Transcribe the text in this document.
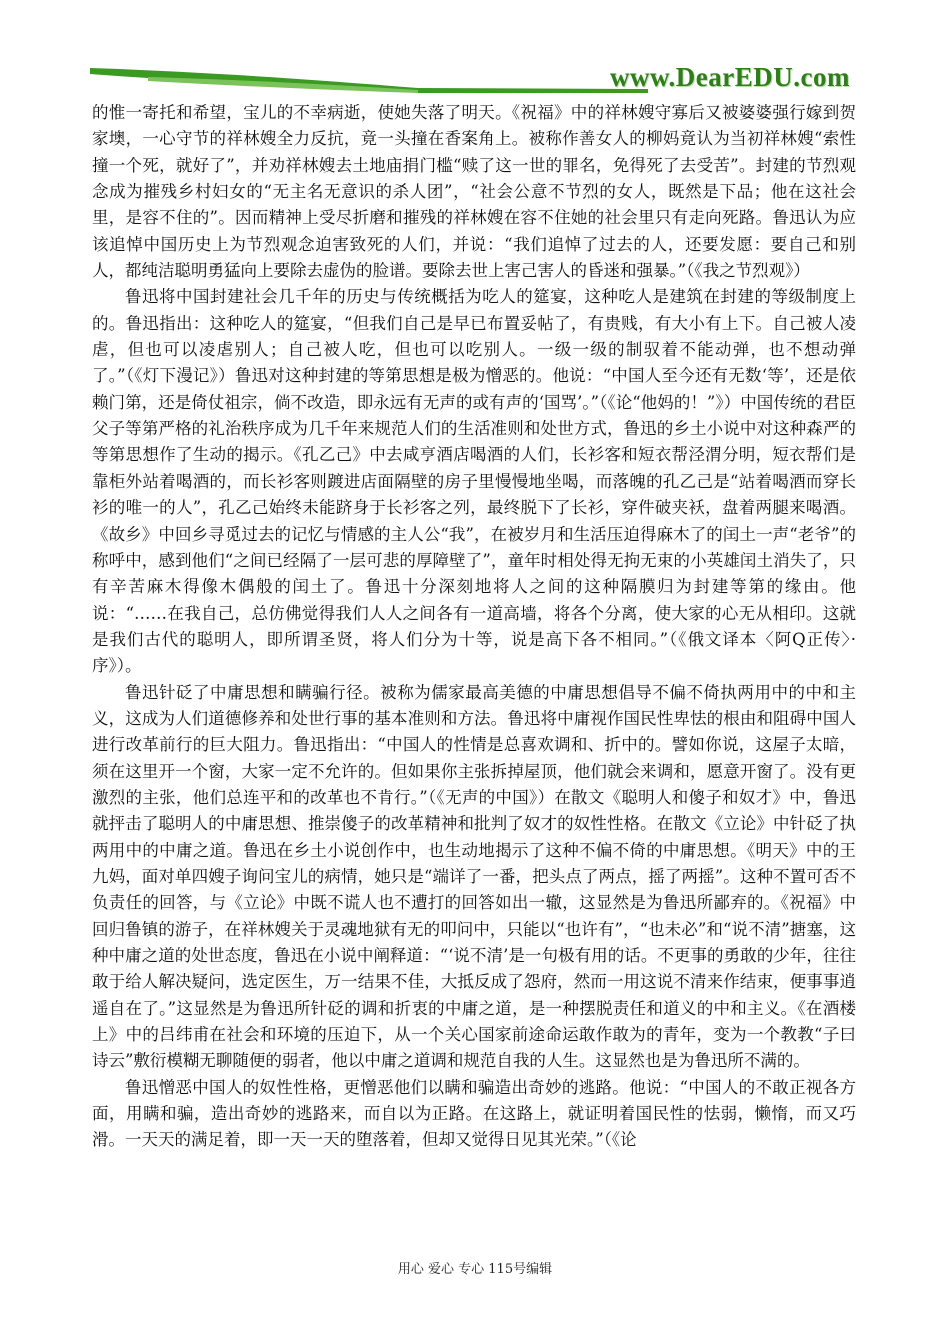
www.DearEDU.com

的惟一寄托和希望，宝儿的不幸病逝，使她失落了明天。《祝福》中的祥林嫂守寡后又被婆婆强行嫁到贺家墺，一心守节的祥林嫂全力反抗，竟一头撞在香案角上。被称作善女人的柳妈竟认为当初祥林嫂“索性撞一个死，就好了”，并劝祥林嫂去土地庙捐门槛“赎了这一世的罪名，免得死了去受苦”。封建的节烈观念成为摧残乡村妇女的“无主名无意识的杀人团”，“社会公意不节烈的女人，既然是下品；他在这社会里，是容不住的”。因而精神上受尽折磨和摧残的祥林嫂在容不住她的社会里只有走向死路。鲁迅认为应该追悼中国历史上为节烈观念迫害致死的人们，并说：“我们追悼了过去的人，还要发愿：要自己和别人，都纯洁聪明勇猛向上要除去虚伪的脸谱。要除去世上害己害人的昏迷和强暴。”（《我之节烈观》）

鲁迅将中国封建社会几千年的历史与传统概括为吃人的筵宴，这种吃人是建筑在封建的等级制度上的。鲁迅指出：这种吃人的筵宴，“但我们自己是早已布置妥帖了，有贵贱，有大小有上下。自己被人凌虐，但也可以凌虐别人；自己被人吃，但也可以吃别人。一级一级的制驭着不能动弹，也不想动弹了。”（《灯下漫记》）鲁迅对这种封建的等第思想是极为憎恶的。他说：“中国人至今还有无数‘等’，还是依赖门第，还是倚仗祖宗，倘不改造，即永远有无声的或有声的‘国骂’。”（《论“他妈的！”》）中国传统的君臣父子等第严格的礼治秩序成为几千年来规范人们的生活准则和处世方式，鲁迅的乡土小说中对这种森严的等第思想作了生动的揭示。《孔乙己》中去咸亨酒店喝酒的人们，长衫客和短衣帮泾渭分明，短衣帮们是靠柜外站着喝酒的，而长衫客则踱进店面隔壁的房子里慢慢地坐喝，而落魄的孔乙己是“站着喝酒而穿长衫的唯一的人”，孔乙己始终未能跻身于长衫客之列，最终脱下了长衫，穿件破夹袄，盘着两腿来喝酒。《故乡》中回乡寻觅过去的记忆与情感的主人公“我”，在被岁月和生活压迫得麻木了的闰土一声“老爷”的称呼中，感到他们“之间已经隔了一层可悲的厚障壁了”，童年时相处得无拘无束的小英雄闰土消失了，只有辛苦麻木得像木偶般的闰土了。鲁迅十分深刻地将人之间的这种隔膜归为封建等第的缘由。他说：“……在我自己，总仿佛觉得我们人人之间各有一道高墙，将各个分离，使大家的心无从相印。这就是我们古代的聪明人，即所谓圣贤，将人们分为十等，说是高下各不相同。”（《俄文译本〈阿Q正传〉·序》）。

鲁迅针砭了中庸思想和瞒骗行径。被称为儒家最高美德的中庸思想倡导不偏不倚执两用中的中和主义，这成为人们道德修养和处世行事的基本准则和方法。鲁迅将中庸视作国民性卑怯的根由和阻碍中国人进行改革前行的巨大阻力。鲁迅指出：“中国人的性情是总喜欢调和、折中的。譬如你说，这屋子太暗，须在这里开一个窗，大家一定不允许的。但如果你主张拆掉屋顶，他们就会来调和，愿意开窗了。没有更激烈的主张，他们总连平和的改革也不肯行。”（《无声的中国》）在散文《聪明人和傻子和奴才》中，鲁迅就抨击了聪明人的中庸思想、推崇傻子的改革精神和批判了奴才的奴性性格。在散文《立论》中针砭了执两用中的中庸之道。鲁迅在乡土小说创作中，也生动地揭示了这种不偏不倚的中庸思想。《明天》中的王九妈，面对单四嫂子询问宝儿的病情，她只是“端详了一番，把头点了两点，摇了两摇”。这种不置可否不负责任的回答，与《立论》中既不谎人也不遭打的回答如出一辙，这显然是为鲁迅所鄙弃的。《祝福》中回归鲁镇的游子，在祥林嫂关于灵魂地狱有无的叩问中，只能以“也许有”，“也未必”和“说不清”搪塞，这种中庸之道的处世态度，鲁迅在小说中阐释道：“‘说不清’是一句极有用的话。不更事的勇敢的少年，往往敢于给人解决疑问，选定医生，万一结果不佳，大抵反成了怨府，然而一用这说不清来作结束，便事事逍遥自在了。”这显然是为鲁迅所针砭的调和折衷的中庸之道，是一种摆脱责任和道义的中和主义。《在酒楼上》中的吕纬甫在社会和环境的压迫下，从一个关心国家前途命运敢作敢为的青年，变为一个教教“子曰诗云”敷衍模糊无聊随便的弱者，他以中庸之道调和规范自我的人生。这显然也是为鲁迅所不满的。

鲁迅憎恶中国人的奴性性格，更憎恶他们以瞒和骗造出奇妙的逃路。他说：“中国人的不敢正视各方面，用瞒和骗，造出奇妙的逃路来，而自以为正路。在这路上，就证明着国民性的怯弱，懒惰，而又巧滑。一天天的满足着，即一天一天的堕落着，但却又觉得日见其光荣。”（《论

用心 爱心 专心 115号编辑
